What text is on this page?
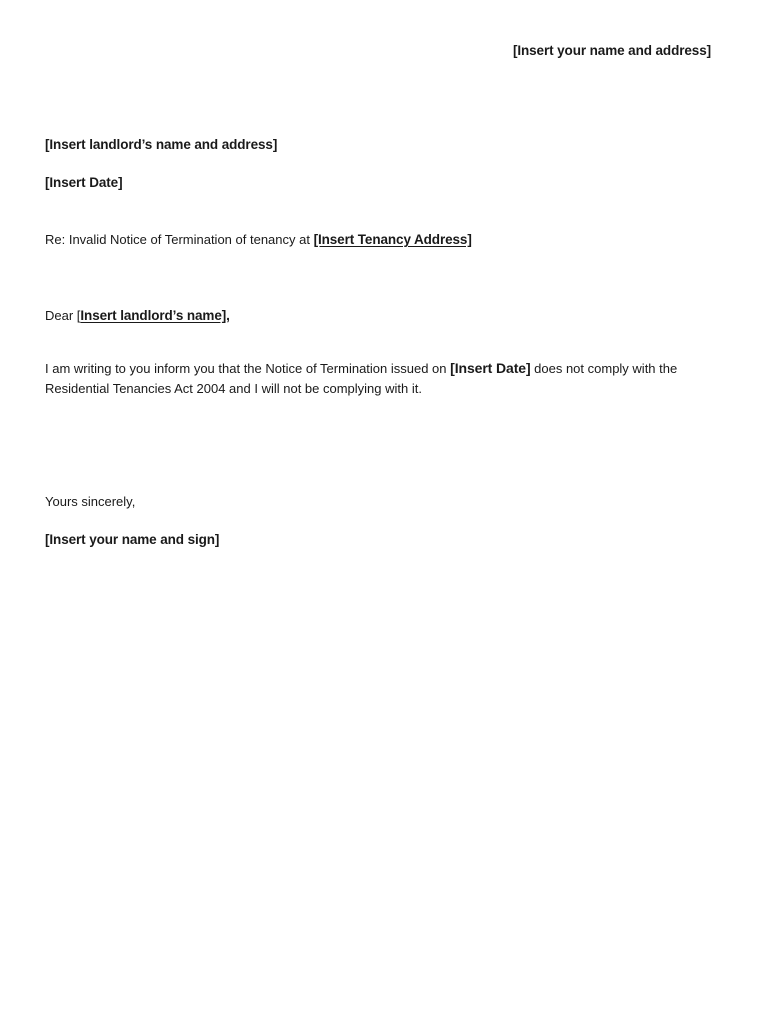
[Insert your name and address]
[Insert landlord’s name and address]
[Insert Date]
Re: Invalid Notice of Termination of tenancy at [Insert Tenancy Address]
Dear [Insert landlord’s name],
I am writing to you inform you that the Notice of Termination issued on [Insert Date] does not comply with the Residential Tenancies Act 2004 and I will not be complying with it.
Yours sincerely,
[Insert your name and sign]
